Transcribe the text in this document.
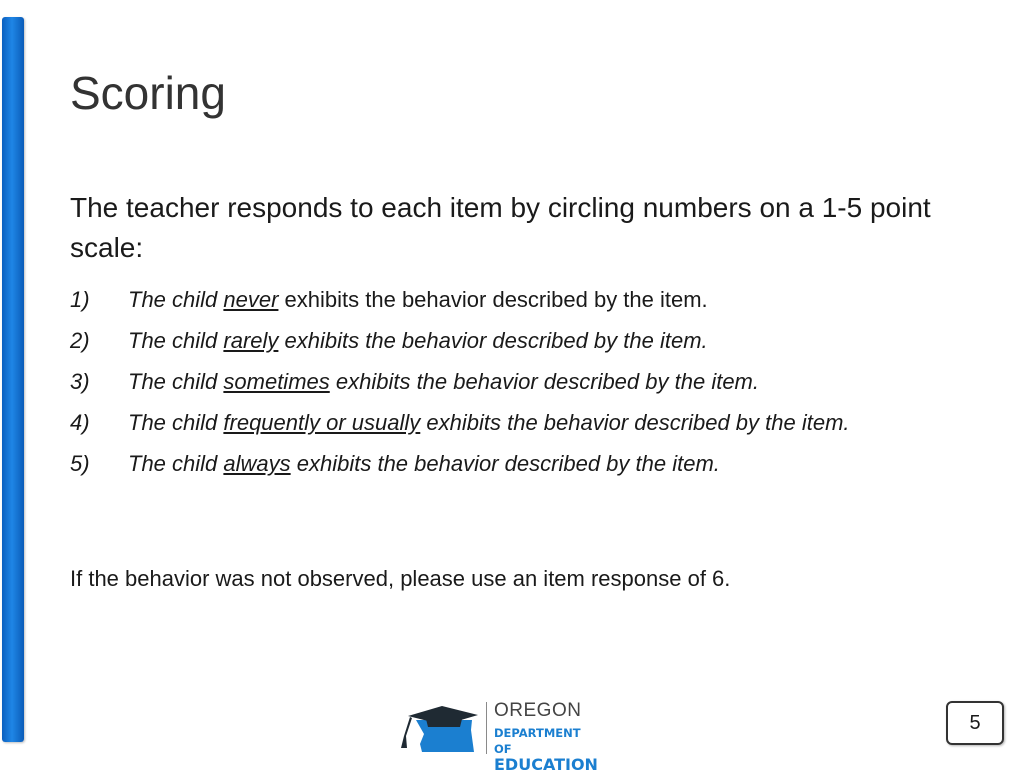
Scoring

The teacher responds to each item by circling numbers on a 1-5 point scale:

1)	The child never exhibits the behavior described by the item.
2)	The child rarely exhibits the behavior described by the item.
3)	The child sometimes exhibits the behavior described by the item.
4)	The child frequently or usually exhibits the behavior described by the item.
5)	The child always exhibits the behavior described by the item.

If the behavior was not observed, please use an item response of 6.

OREGON
DEPARTMENT OF
EDUCATION
5
